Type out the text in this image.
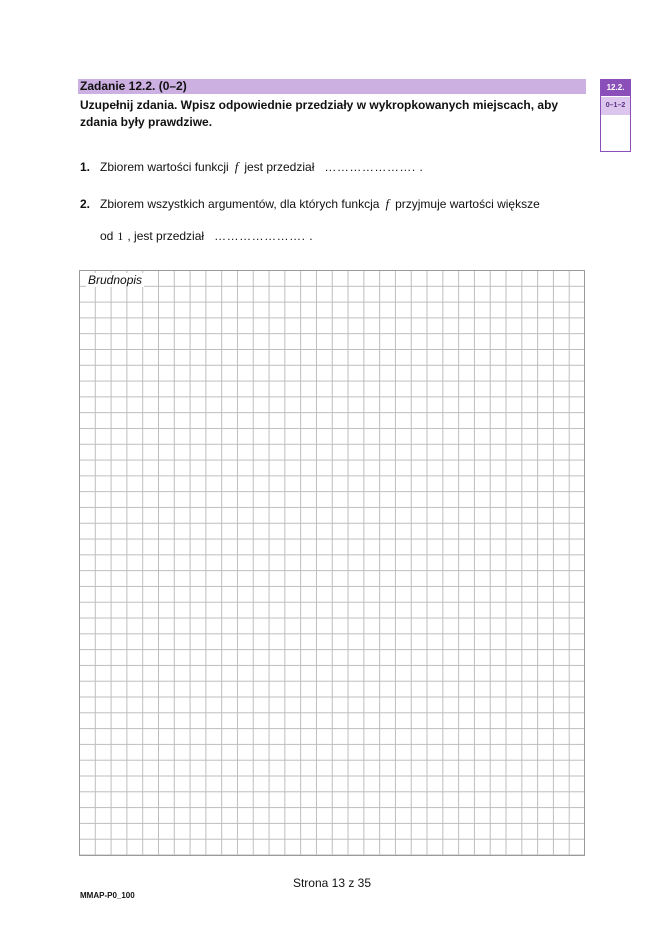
Zadanie 12.2. (0–2)
Uzupełnij zdania. Wpisz odpowiednie przedziały w wykropkowanych miejscach, aby zdania były prawdziwe.
12.2.
0–1–2
1. Zbiorem wartości funkcji f jest przedział …………………. .
2. Zbiorem wszystkich argumentów, dla których funkcja f przyjmuje wartości większe
od 1 , jest przedział …………………. .
Brudnopis
Strona 13 z 35
MMAP-P0_100
